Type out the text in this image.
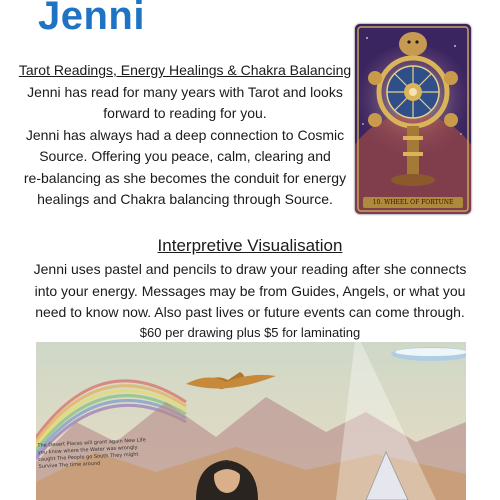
Jenni
Tarot Readings, Energy Healings & Chakra Balancing
Jenni has read for many years with Tarot and looks
forward to reading for you.
Jenni has always had a deep connection to Cosmic
Source. Offering you peace, calm, clearing and
re-balancing as she becomes the conduit for energy
healings and Chakra balancing through Source.	10. WHEEL OF FORTUNE
Interpretive Visualisation
Jenni uses pastel and pencils to draw your reading after she connects
into your energy. Messages may be from Guides, Angels, or what you
need to know now. Also past lives or future events can come through.
$60 per drawing plus $5 for laminating
The Desert Places will grant again New Life you know where the Water was wrongly caught The People go South They might Survive The time around
